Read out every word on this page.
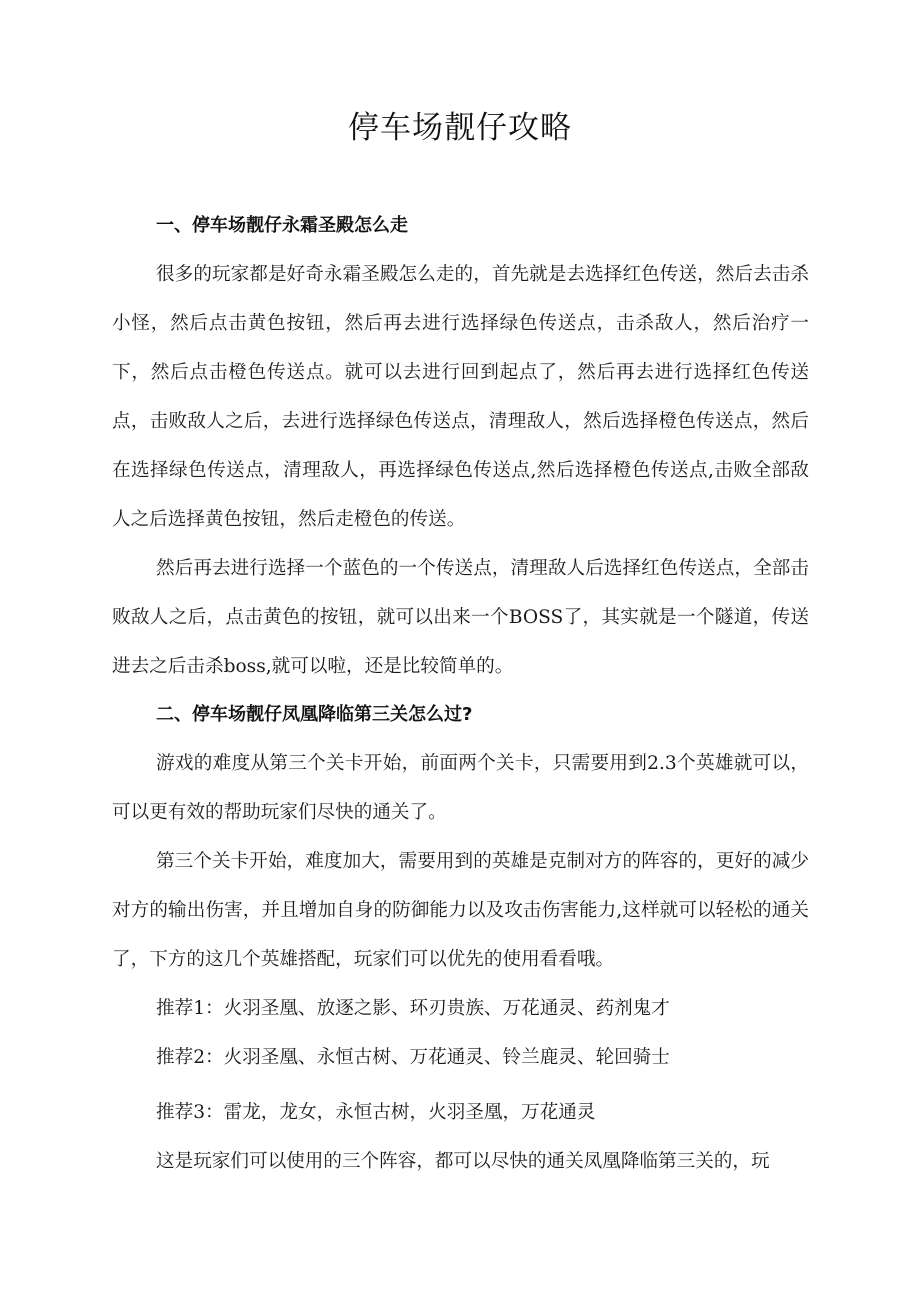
停车场靓仔攻略

一、停车场靓仔永霜圣殿怎么走

很多的玩家都是好奇永霜圣殿怎么走的，首先就是去选择红色传送，然后去击杀小怪，然后点击黄色按钮，然后再去进行选择绿色传送点，击杀敌人，然后治疗一下，然后点击橙色传送点。就可以去进行回到起点了，然后再去进行选择红色传送点，击败敌人之后，去进行选择绿色传送点，清理敌人，然后选择橙色传送点，然后在选择绿色传送点，清理敌人，再选择绿色传送点,然后选择橙色传送点,击败全部敌人之后选择黄色按钮，然后走橙色的传送。

然后再去进行选择一个蓝色的一个传送点，清理敌人后选择红色传送点，全部击败敌人之后，点击黄色的按钮，就可以出来一个BOSS了，其实就是一个隧道，传送进去之后击杀boss,就可以啦，还是比较简单的。

二、停车场靓仔凤凰降临第三关怎么过?

游戏的难度从第三个关卡开始，前面两个关卡，只需要用到2.3个英雄就可以，可以更有效的帮助玩家们尽快的通关了。

第三个关卡开始，难度加大，需要用到的英雄是克制对方的阵容的，更好的减少对方的输出伤害，并且增加自身的防御能力以及攻击伤害能力,这样就可以轻松的通关了，下方的这几个英雄搭配，玩家们可以优先的使用看看哦。

推荐1：火羽圣凰、放逐之影、环刃贵族、万花通灵、药剂鬼才

推荐2：火羽圣凰、永恒古树、万花通灵、铃兰鹿灵、轮回骑士

推荐3：雷龙，龙女，永恒古树，火羽圣凰，万花通灵

这是玩家们可以使用的三个阵容，都可以尽快的通关凤凰降临第三关的，玩
